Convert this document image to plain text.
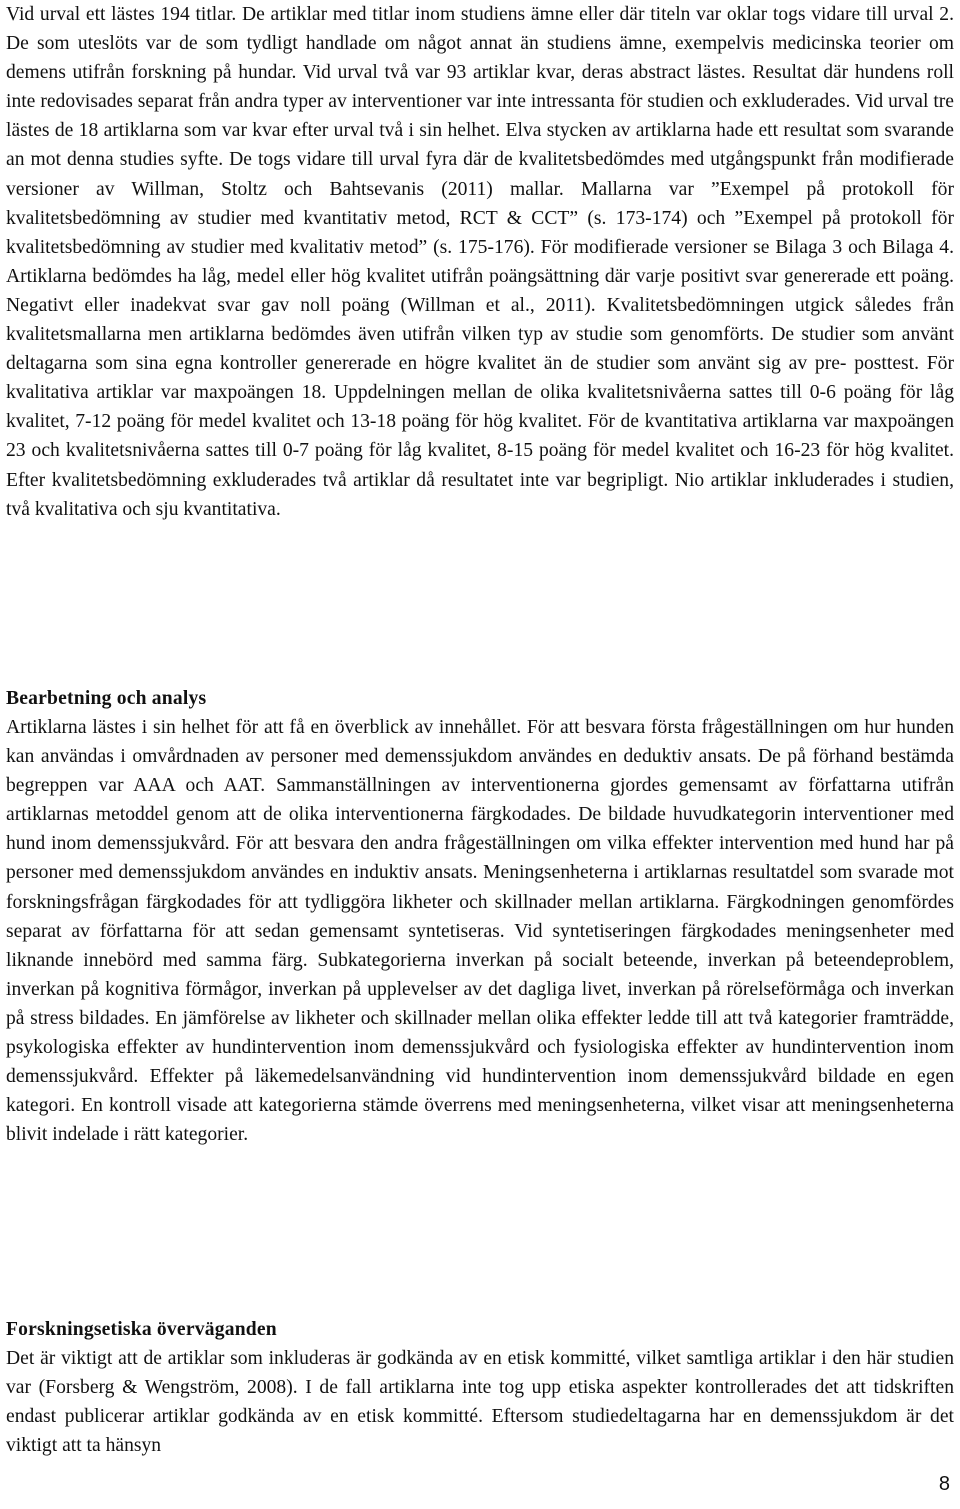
Vid urval ett lästes 194 titlar. De artiklar med titlar inom studiens ämne eller där titeln var oklar togs vidare till urval 2. De som uteslöts var de som tydligt handlade om något annat än studiens ämne, exempelvis medicinska teorier om demens utifrån forskning på hundar. Vid urval två var 93 artiklar kvar, deras abstract lästes. Resultat där hundens roll inte redovisades separat från andra typer av interventioner var inte intressanta för studien och exkluderades. Vid urval tre lästes de 18 artiklarna som var kvar efter urval två i sin helhet. Elva stycken av artiklarna hade ett resultat som svarande an mot denna studies syfte. De togs vidare till urval fyra där de kvalitetsbedömdes med utgångspunkt från modifierade versioner av Willman, Stoltz och Bahtsevanis (2011) mallar. Mallarna var ”Exempel på protokoll för kvalitetsbedömning av studier med kvantitativ metod, RCT & CCT” (s. 173-174) och ”Exempel på protokoll för kvalitetsbedömning av studier med kvalitativ metod” (s. 175-176). För modifierade versioner se Bilaga 3 och Bilaga 4. Artiklarna bedömdes ha låg, medel eller hög kvalitet utifrån poängsättning där varje positivt svar genererade ett poäng. Negativt eller inadekvat svar gav noll poäng (Willman et al., 2011). Kvalitetsbedömningen utgick således från kvalitetsmallarna men artiklarna bedömdes även utifrån vilken typ av studie som genomförts. De studier som använt deltagarna som sina egna kontroller genererade en högre kvalitet än de studier som använt sig av pre- posttest. För kvalitativa artiklar var maxpoängen 18. Uppdelningen mellan de olika kvalitetsnivåerna sattes till 0-6 poäng för låg kvalitet, 7-12 poäng för medel kvalitet och 13-18 poäng för hög kvalitet. För de kvantitativa artiklarna var maxpoängen 23 och kvalitetsnivåerna sattes till 0-7 poäng för låg kvalitet, 8-15 poäng för medel kvalitet och 16-23 för hög kvalitet. Efter kvalitetsbedömning exkluderades två artiklar då resultatet inte var begripligt. Nio artiklar inkluderades i studien, två kvalitativa och sju kvantitativa.

Bearbetning och analys

Artiklarna lästes i sin helhet för att få en överblick av innehållet. För att besvara första frågeställningen om hur hunden kan användas i omvårdnaden av personer med demenssjukdom användes en deduktiv ansats. De på förhand bestämda begreppen var AAA och AAT. Sammanställningen av interventionerna gjordes gemensamt av författarna utifrån artiklarnas metoddel genom att de olika interventionerna färgkodades. De bildade huvudkategorin interventioner med hund inom demenssjukvård. För att besvara den andra frågeställningen om vilka effekter intervention med hund har på personer med demenssjukdom användes en induktiv ansats. Meningsenheterna i artiklarnas resultatdel som svarade mot forskningsfrågan färgkodades för att tydliggöra likheter och skillnader mellan artiklarna. Färgkodningen genomfördes separat av författarna för att sedan gemensamt syntetiseras. Vid syntetiseringen färgkodades meningsenheter med liknande innebörd med samma färg. Subkategorierna inverkan på socialt beteende, inverkan på beteendeproblem, inverkan på kognitiva förmågor, inverkan på upplevelser av det dagliga livet, inverkan på rörelseförmåga och inverkan på stress bildades. En jämförelse av likheter och skillnader mellan olika effekter ledde till att två kategorier framträdde, psykologiska effekter av hundintervention inom demenssjukvård och fysiologiska effekter av hundintervention inom demenssjukvård. Effekter på läkemedelsanvändning vid hundintervention inom demenssjukvård bildade en egen kategori. En kontroll visade att kategorierna stämde överrens med meningsenheterna, vilket visar att meningsenheterna blivit indelade i rätt kategorier.

Forskningsetiska överväganden

Det är viktigt att de artiklar som inkluderas är godkända av en etisk kommitté, vilket samtliga artiklar i den här studien var (Forsberg & Wengström, 2008). I de fall artiklarna inte tog upp etiska aspekter kontrollerades det att tidskriften endast publicerar artiklar godkända av en etisk kommitté. Eftersom studiedeltagarna har en demenssjukdom är det viktigt att ta hänsyn

8
